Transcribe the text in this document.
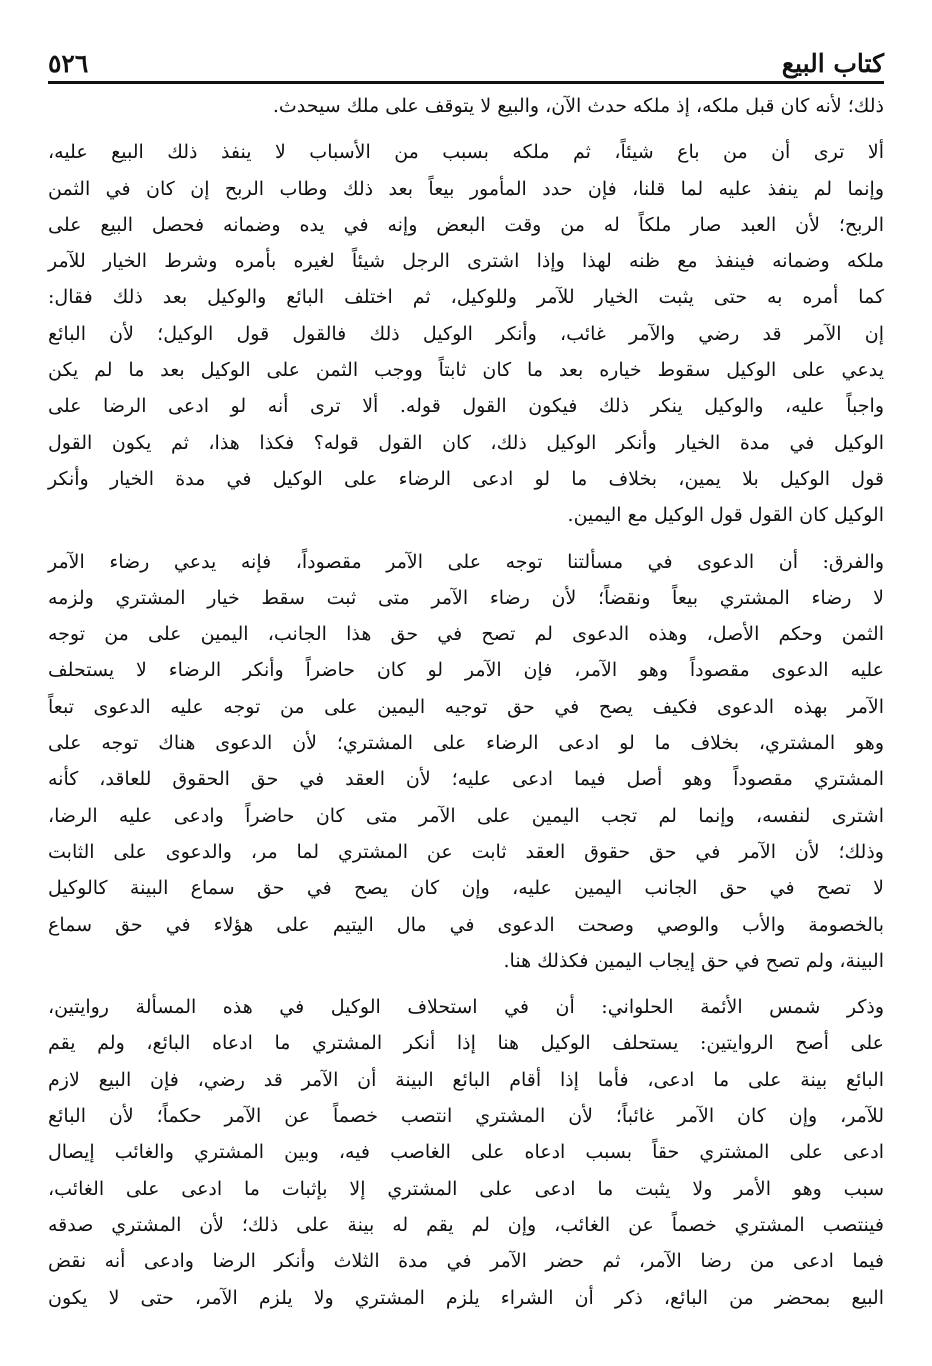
كتاب البيع
٥٢٦

ذلك؛ لأنه كان قبل ملكه، إذ ملكه حدث الآن، والبيع لا يتوقف على ملك سيحدث.

ألا ترى أن من باع شيئاً، ثم ملكه بسبب من الأسباب لا ينفذ ذلك البيع عليه،
وإنما لم ينفذ عليه لما قلنا، فإن حدد المأمور بيعاً بعد ذلك وطاب الربح إن كان في الثمن
الربح؛ لأن العبد صار ملكاً له من وقت البعض وإنه في يده وضمانه فحصل البيع على
ملكه وضمانه فينفذ مع ظنه لهذا وإذا اشترى الرجل شيئاً لغيره بأمره وشرط الخيار للآمر
كما أمره به حتى يثبت الخيار للآمر وللوكيل، ثم اختلف البائع والوكيل بعد ذلك فقال:
إن الآمر قد رضي والآمر غائب، وأنكر الوكيل ذلك فالقول قول الوكيل؛ لأن البائع
يدعي على الوكيل سقوط خياره بعد ما كان ثابتاً ووجب الثمن على الوكيل بعد ما لم يكن
واجباً عليه، والوكيل ينكر ذلك فيكون القول قوله. ألا ترى أنه لو ادعى الرضا على
الوكيل في مدة الخيار وأنكر الوكيل ذلك، كان القول قوله؟ فكذا هذا، ثم يكون القول
قول الوكيل بلا يمين، بخلاف ما لو ادعى الرضاء على الوكيل في مدة الخيار وأنكر
الوكيل كان القول قول الوكيل مع اليمين.

والفرق: أن الدعوى في مسألتنا توجه على الآمر مقصوداً، فإنه يدعي رضاء الآمر
لا رضاء المشتري بيعاً ونقضاً؛ لأن رضاء الآمر متى ثبت سقط خيار المشتري ولزمه
الثمن وحكم الأصل، وهذه الدعوى لم تصح في حق هذا الجانب، اليمين على من توجه
عليه الدعوى مقصوداً وهو الآمر، فإن الآمر لو كان حاضراً وأنكر الرضاء لا يستحلف
الآمر بهذه الدعوى فكيف يصح في حق توجيه اليمين على من توجه عليه الدعوى تبعاً
وهو المشتري، بخلاف ما لو ادعى الرضاء على المشتري؛ لأن الدعوى هناك توجه على
المشتري مقصوداً وهو أصل فيما ادعى عليه؛ لأن العقد في حق الحقوق للعاقد، كأنه
اشترى لنفسه، وإنما لم تجب اليمين على الآمر متى كان حاضراً وادعى عليه الرضا،
وذلك؛ لأن الآمر في حق حقوق العقد ثابت عن المشتري لما مر، والدعوى على الثابت
لا تصح في حق الجانب اليمين عليه، وإن كان يصح في حق سماع البينة كالوكيل
بالخصومة والأب والوصي وصحت الدعوى في مال اليتيم على هؤلاء في حق سماع
البينة، ولم تصح في حق إيجاب اليمين فكذلك هنا.

وذكر شمس الأئمة الحلواني: أن في استحلاف الوكيل في هذه المسألة روايتين،
على أصح الروايتين: يستحلف الوكيل هنا إذا أنكر المشتري ما ادعاه البائع، ولم يقم
البائع بينة على ما ادعى، فأما إذا أقام البائع البينة أن الآمر قد رضي، فإن البيع لازم
للآمر، وإن كان الآمر غائباً؛ لأن المشتري انتصب خصماً عن الآمر حكماً؛ لأن البائع
ادعى على المشتري حقاً بسبب ادعاه على الغاصب فيه، وبين المشتري والغائب إيصال
سبب وهو الأمر ولا يثبت ما ادعى على المشتري إلا بإثبات ما ادعى على الغائب،
فينتصب المشتري خصماً عن الغائب، وإن لم يقم له بينة على ذلك؛ لأن المشتري صدقه
فيما ادعى من رضا الآمر، ثم حضر الآمر في مدة الثلاث وأنكر الرضا وادعى أنه نقض
البيع بمحضر من البائع، ذكر أن الشراء يلزم المشتري ولا يلزم الآمر، حتى لا يكون
